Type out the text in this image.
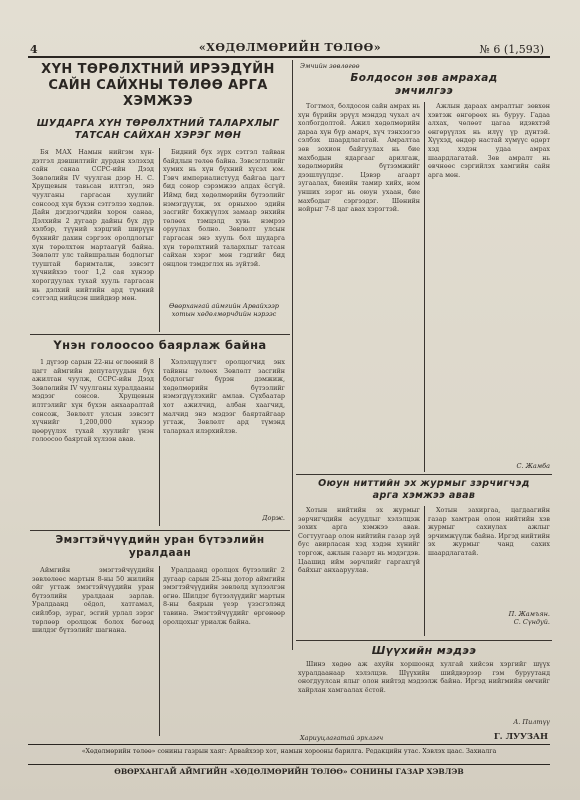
4	«ХӨДӨЛМӨРИЙН ТӨЛӨӨ»	№ 6 (1,593)
ХҮН ТӨРӨЛХТНИЙ ИРЭЭДҮЙН
САЙН САЙХНЫ ТӨЛӨӨ АРГА
ХЭМЖЭЭ
ШУДАРГА ХҮН ТӨРӨЛХТНИЙ ТАЛАРХЛЫГ
ТАТСАН САЙХАН ХЭРЭГ МӨН

Бя МАХ Намын нийгэм хүндэтгэл дэвшилтийг дурдан хэлэхэд сайн санаа ССРС-ийн Дээд Зөвлөлийн IV чуулган дээр Н. С. Хрущевын тавьсан илтгэл, энэ чуулганы гаргасан хуулийг сонсоод хүн бүхэн сэтгэлээ хөдлөв. Дайн дэгдээгчдийн хорон санаа, Дэлхийн 2 дугаар дайны бүх дүр хэлбэр, түүний хэрцгий ширүүн бүхнийг дахин сэргээх оролдлогыг хүн төрөлхтөн мартаагүй байна. Зөвлөлт улс тайвшралын бодлогыг тууштай баримталж, зэвсэгт хүчнийхээ тоог 1,2 сая хүнээр хорогдуулах тухай хууль гаргасан нь дэлхий нийтийн ард түмний сэтгэлд нийцсэн шийдвэр мөн.

Бидний бүх зүрх сэтгэл тайван байдлын төлөө байна. Зэвсэглэлийг хумих нь хүн бүхний хүсэл юм. Гэвч империалистууд байгаа цагт бид сонор сэрэмжээ алдах ёсгүй. Иймд бид хөдөлмөрийн бүтээлийг нэмэгдүүлж, эх орныхоо эдийн засгийг бэхжүүлэх замаар энхийн төлөөх тэмцэлд хувь нэмрээ оруулах болно. Зөвлөлт улсын гаргасан энэ хууль бол шударга хүн төрөлхтний талархлыг татсан сайхан хэрэг мөн гэдгийг бид онцлон тэмдэглэх нь зүйтэй.

Өвөрхангай аймгийн Арвайхээр
хотын хөдөлмөрчдийн нэрээс
Үнэн голоосоо баярлаж байна

1 дүгээр сарын 22-ны өглөөний 8 цагт аймгийн депутатуудын бүх ажилтан чуулж, ССРС-ийн Дээд Зөвлөлийн IV чуулганы хуралдааны мэдээг сонсов. Хрущевын илтгэлийг хүн бүхэн анхааралтай сонсож, Зөвлөлт улсын зэвсэгт хүчнийг 1,200,000 хүнээр цөөрүүлэх тухай хуулийг үнэн голоосоо баяртай хүлээн авав.

Хэлэлцүүлэгт оролцогчид энх тайвны төлөөх Зөвлөлт засгийн бодлогыг бүрэн дэмжиж, хөдөлмөрийн бүтээлийг нэмэгдүүлэхийг амлав. Сүхбаатар хот ажилчид, албан хаагчид, малчид энэ мэдээг баяртайгаар угтаж, Зөвлөлт ард түмэнд талархал илэрхийлэв.

Дорж.
Эмэгтэйчүүдийн уран бүтээлийн
уралдаан

Аймгийн эмэгтэйчүүдийн зөвлөлөөс мартын 8-ны 50 жилийн ойг угтаж эмэгтэйчүүдийн уран бүтээлийн уралдаан зарлав. Уралдаанд оёдол, хатгамал, сийлбэр, зураг, эсгий урлал зэрэг төрлөөр оролцож болох бөгөөд шилдэг бүтээлийг шагнана.

Уралдаанд оролцох бүтээлийг 2 дугаар сарын 25-ны дотор аймгийн эмэгтэйчүүдийн зөвлөлд хүлээлгэн өгнө. Шилдэг бүтээлүүдийг мартын 8-ны баярын үеэр үзэсгэлэнд тавина. Эмэгтэйчүүдийг өргөнөөр оролцохыг уриалж байна.

Эмчийн зөвлөгөө
Болдосон зөв амрахад
эмчилгээ

Тогтмол, болдосон сайн амрах нь хүн бүрийн эрүүл мэндэд чухал ач холбогдолтой. Ажил хөдөлмөрийн дараа хүн бүр амарч, хүч тэнхээгээ сэлбэх шаардлагатай. Амралтаа зөв зохион байгуулах нь бие махбодын ядаргааг арилгаж, хөдөлмөрийн бүтээмжийг дээшлүүлдэг. Цэвэр агаарт зугаалах, биеийн тамир хийх, ном унших зэрэг нь оюун ухаан, бие махбодыг сэргээдэг. Шөнийн нойрыг 7-8 цаг авах хэрэгтэй.

Ажлын дараах амралтыг зөвхөн хэвтэж өнгөрөөх нь буруу. Гадаа алхах, чөлөөт цагаа идэвхтэй өнгөрүүлэх нь илүү үр дүнтэй. Хүүхэд, өндөр настай хүмүүс өдөрт хэд хэдэн удаа амрах шаардлагатай. Зөв амралт нь өвчнөөс сэргийлэх хамгийн сайн арга мөн.

С. Жамба
Оюун ниттийн эх журмыг зэрчигчэд
арга хэмжээ авав

Хотын нийтийн эх журмыг зөрчигчдийн асуудлыг хэлэлцэж зохих арга хэмжээ авав. Согтуугаар олон нийтийн газар зүй бус авирласан хэд хэдэн хүнийг торгож, ажлын газарт нь мэдэгдэв. Цаашид ийм зөрчлийг гаргахгүй байхыг анхааруулав.

Хотын захиргаа, цагдаагийн газар хамтран олон нийтийн хэв журмыг сахиулах ажлыг эрчимжүүлж байна. Иргэд нийтийн эх журмыг чанд сахих шаардлагатай.

П. Жамъян.
С. Сүндуй.
Шүүхийн мэдээ

Шинэ хөдөө аж ахуйн хоршоонд хулгай хийсэн хэргийг шүүх хуралдаанаар хэлэлцэв. Шүүхийн шийдвэрээр гэм буруутанд оногдуулсан ялыг олон нийтэд мэдээлж байна. Иргэд нийгмийн өмчийг хайрлан хамгаалах ёстой.

А. Пилтүү
Хариуцлагатай эрхлэгч	Г. ЛУУЗАН
«Хөдөлмөрийн төлөө» сонины газрын хаяг: Арвайхээр хот, намын хорооны барилга. Редакцийн утас. Хэвлэх цаас. Захиалга
ӨВӨРХАНГАЙ АЙМГИЙН «ХӨДӨЛМӨРИЙН ТӨЛӨӨ» СОНИНЫ ГАЗАР ХЭВЛЭВ
